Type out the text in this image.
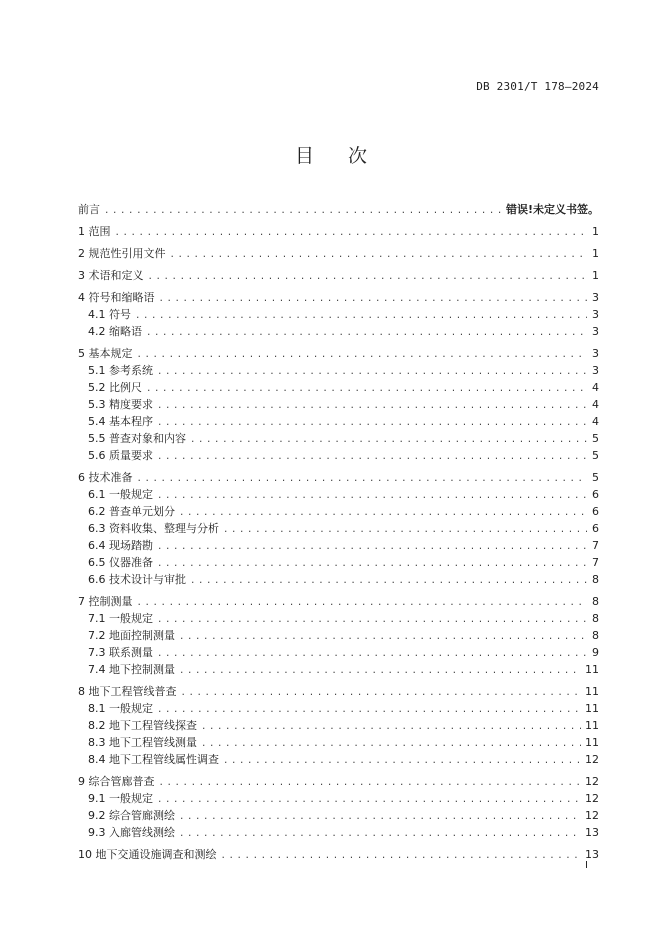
DB 2301/T 178—2024
目次
前言 .....	错误!未定义书签。
1 范围 .....	1
2 规范性引用文件 .....	1
3 术语和定义 .....	1
4 符号和缩略语 .....	3
4.1 符号 .....	3
4.2 缩略语 .....	3
5 基本规定 .....	3
5.1 参考系统 .....	3
5.2 比例尺 .....	4
5.3 精度要求 .....	4
5.4 基本程序 .....	4
5.5 普查对象和内容 .....	5
5.6 质量要求 .....	5
6 技术准备 .....	5
6.1 一般规定 .....	6
6.2 普查单元划分 .....	6
6.3 资料收集、整理与分析 .....	6
6.4 现场踏勘 .....	7
6.5 仪器准备 .....	7
6.6 技术设计与审批 .....	8
7 控制测量 .....	8
7.1 一般规定 .....	8
7.2 地面控制测量 .....	8
7.3 联系测量 .....	9
7.4 地下控制测量 .....	11
8 地下工程管线普查 .....	11
8.1 一般规定 .....	11
8.2 地下工程管线探查 .....	11
8.3 地下工程管线测量 .....	11
8.4 地下工程管线属性调查 .....	12
9 综合管廊普查 .....	12
9.1 一般规定 .....	12
9.2 综合管廊测绘 .....	12
9.3 入廊管线测绘 .....	13
10 地下交通设施调查和测绘 .....	13
I
